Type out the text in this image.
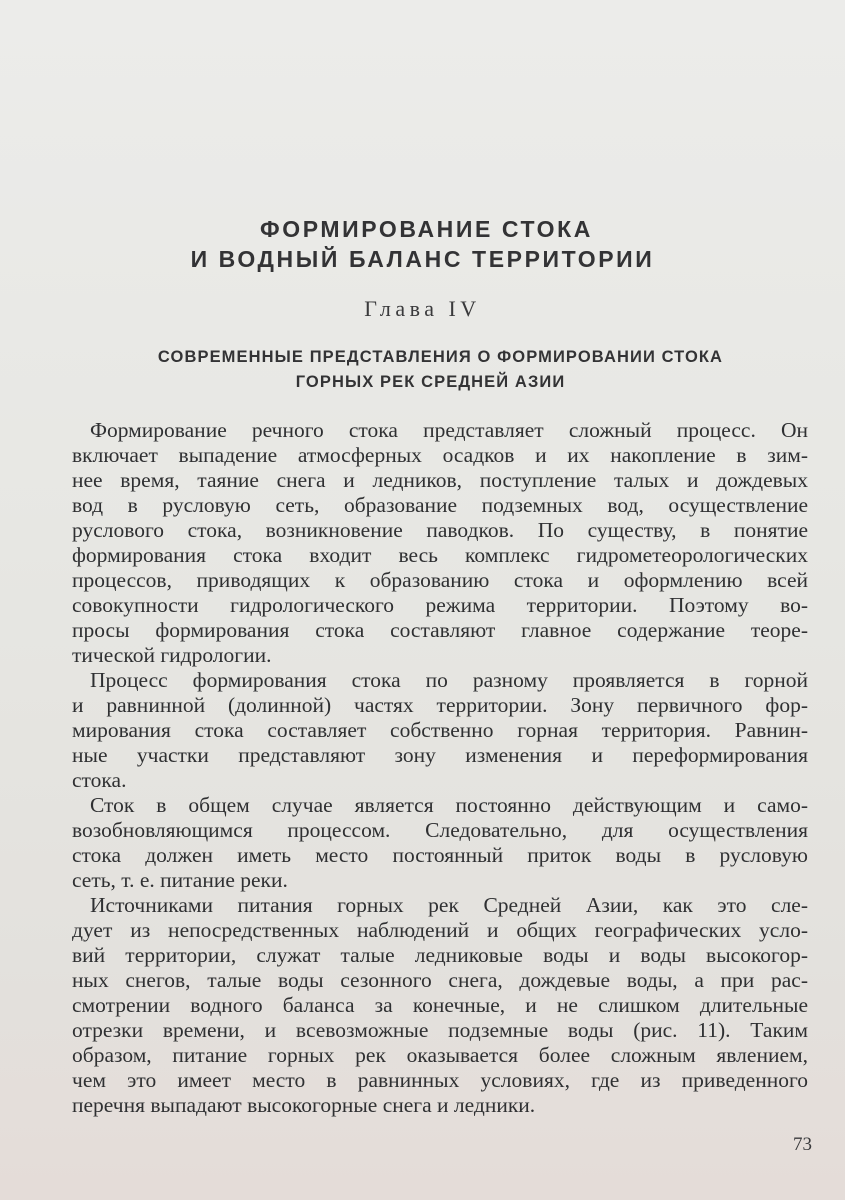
ФОРМИРОВАНИЕ СТОКА
И ВОДНЫЙ БАЛАНС ТЕРРИТОРИИ
Глава IV
СОВРЕМЕННЫЕ ПРЕДСТАВЛЕНИЯ О ФОРМИРОВАНИИ СТОКА
ГОРНЫХ РЕК СРЕДНЕЙ АЗИИ
Формирование речного стока представляет сложный процесс. Он
включает выпадение атмосферных осадков и их накопление в зим-
нее время, таяние снега и ледников, поступление талых и дождевых
вод в русловую сеть, образование подземных вод, осуществление
руслового стока, возникновение паводков. По существу, в понятие
формирования стока входит весь комплекс гидрометеорологических
процессов, приводящих к образованию стока и оформлению всей
совокупности гидрологического режима территории. Поэтому во-
просы формирования стока составляют главное содержание теоре-
тической гидрологии.
Процесс формирования стока по разному проявляется в горной
и равнинной (долинной) частях территории. Зону первичного фор-
мирования стока составляет собственно горная территория. Равнин-
ные участки представляют зону изменения и переформирования
стока.
Сток в общем случае является постоянно действующим и само-
возобновляющимся процессом. Следовательно, для осуществления
стока должен иметь место постоянный приток воды в русловую
сеть, т. е. питание реки.
Источниками питания горных рек Средней Азии, как это сле-
дует из непосредственных наблюдений и общих географических усло-
вий территории, служат талые ледниковые воды и воды высокогор-
ных снегов, талые воды сезонного снега, дождевые воды, а при рас-
смотрении водного баланса за конечные, и не слишком длительные
отрезки времени, и всевозможные подземные воды (рис. 11). Таким
образом, питание горных рек оказывается более сложным явлением,
чем это имеет место в равнинных условиях, где из приведенного
перечня выпадают высокогорные снега и ледники.
73
